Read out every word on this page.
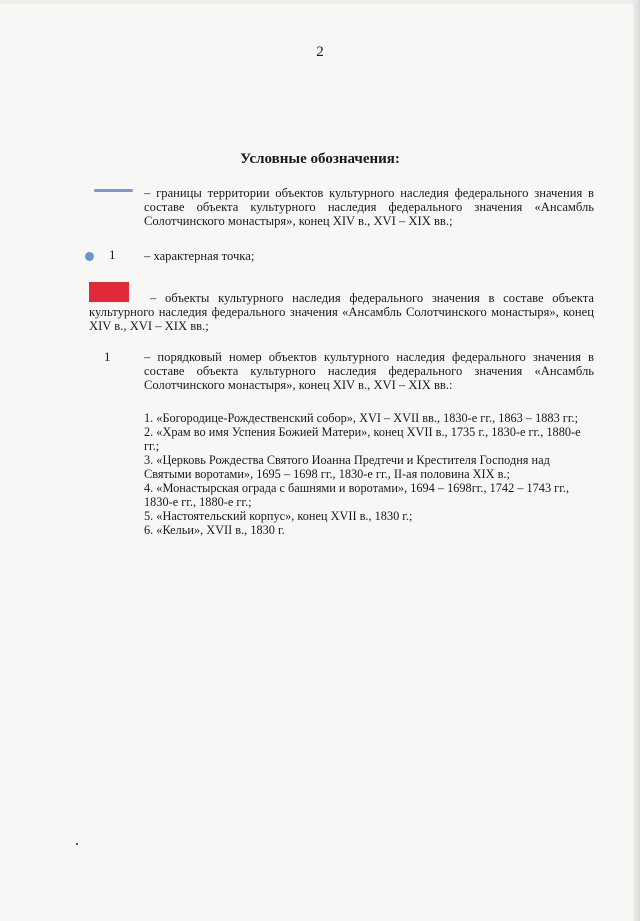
2
Условные обозначения:
– границы территории объектов культурного наследия федерального значения в составе объекта культурного наследия федерального значения «Ансамбль Солотчинского монастыря», конец XIV в., XVI – XIX вв.;
1 – характерная точка;
– объекты культурного наследия федерального значения в составе объекта
культурного наследия федерального значения «Ансамбль Солотчинского монастыря», конец XIV в., XVI – XIX вв.;
1	– порядковый номер объектов культурного наследия федерального значения в составе объекта культурного наследия федерального значения «Ансамбль Солотчинского монастыря», конец XIV в., XVI – XIX вв.:
1. «Богородице-Рождественский собор», XVI – XVII вв., 1830-е гг., 1863 – 1883 гг.;
2. «Храм во имя Успения Божией Матери», конец XVII в., 1735 г., 1830-е гг., 1880-е гг.;
3. «Церковь Рождества Святого Иоанна Предтечи и Крестителя Господня над Святыми воротами», 1695 – 1698 гг., 1830-е гг., II-ая половина XIX в.;
4. «Монастырская ограда с башнями и воротами», 1694 – 1698гг., 1742 – 1743 гг., 1830-е гг., 1880-е гг.;
5. «Настоятельский корпус», конец XVII в., 1830 г.;
6. «Кельи», XVII в., 1830 г.
